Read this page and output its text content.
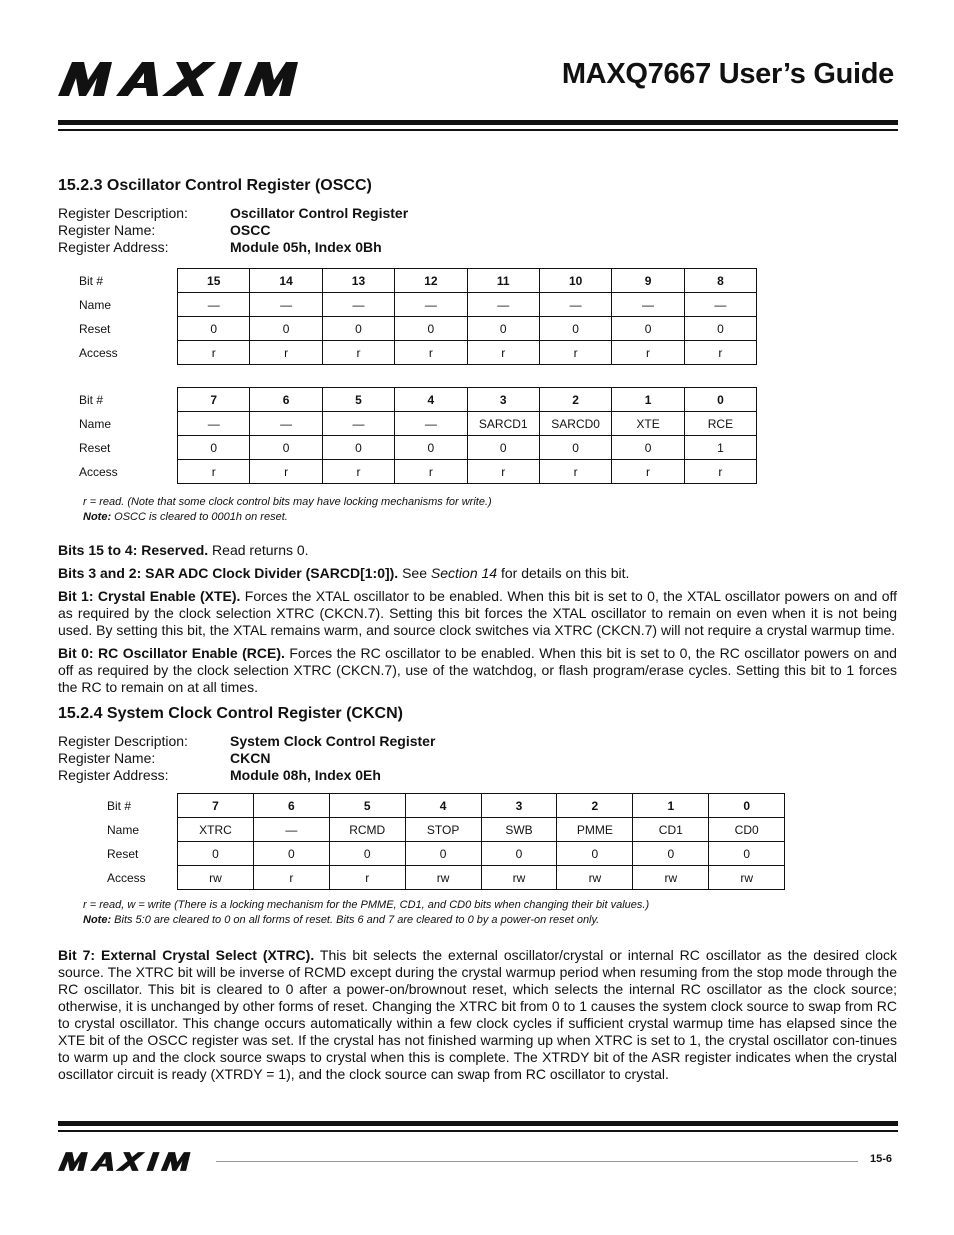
MAXQ7667 User’s Guide
15.2.3 Oscillator Control Register (OSCC)
Register Description:	Oscillator Control Register
Register Name:	OSCC
Register Address:	Module 05h, Index 0Bh
Bit #	15	14	13	12	11	10	9	8
Name	—	—	—	—	—	—	—	—
Reset	0	0	0	0	0	0	0	0
Access	r	r	r	r	r	r	r	r
Bit #	7	6	5	4	3	2	1	0
Name	—	—	—	—	SARCD1	SARCD0	XTE	RCE
Reset	0	0	0	0	0	0	0	1
Access	r	r	r	r	r	r	r	r
r = read. (Note that some clock control bits may have locking mechanisms for write.)
Note: OSCC is cleared to 0001h on reset.
Bits 15 to 4: Reserved. Read returns 0.
Bits 3 and 2: SAR ADC Clock Divider (SARCD[1:0]). See Section 14 for details on this bit.
Bit 1: Crystal Enable (XTE). Forces the XTAL oscillator to be enabled. When this bit is set to 0, the XTAL oscillator powers on and off as required by the clock selection XTRC (CKCN.7). Setting this bit forces the XTAL oscillator to remain on even when it is not being used. By setting this bit, the XTAL remains warm, and source clock switches via XTRC (CKCN.7) will not require a crystal warmup time.
Bit 0: RC Oscillator Enable (RCE). Forces the RC oscillator to be enabled. When this bit is set to 0, the RC oscillator powers on and off as required by the clock selection XTRC (CKCN.7), use of the watchdog, or flash program/erase cycles. Setting this bit to 1 forces the RC to remain on at all times.
15.2.4 System Clock Control Register (CKCN)
Register Description:	System Clock Control Register
Register Name:	CKCN
Register Address:	Module 08h, Index 0Eh
Bit #	7	6	5	4	3	2	1	0
Name	XTRC	—	RCMD	STOP	SWB	PMME	CD1	CD0
Reset	0	0	0	0	0	0	0	0
Access	rw	r	r	rw	rw	rw	rw	rw
r = read, w = write (There is a locking mechanism for the PMME, CD1, and CD0 bits when changing their bit values.)
Note: Bits 5:0 are cleared to 0 on all forms of reset. Bits 6 and 7 are cleared to 0 by a power-on reset only.
Bit 7: External Crystal Select (XTRC). This bit selects the external oscillator/crystal or internal RC oscillator as the desired clock source. The XTRC bit will be inverse of RCMD except during the crystal warmup period when resuming from the stop mode through the RC oscillator. This bit is cleared to 0 after a power-on/brownout reset, which selects the internal RC oscillator as the clock source; otherwise, it is unchanged by other forms of reset. Changing the XTRC bit from 0 to 1 causes the system clock source to swap from RC to crystal oscillator. This change occurs automatically within a few clock cycles if sufficient crystal warmup time has elapsed since the XTE bit of the OSCC register was set. If the crystal has not finished warming up when XTRC is set to 1, the crystal oscillator con-tinues to warm up and the clock source swaps to crystal when this is complete. The XTRDY bit of the ASR register indicates when the crystal oscillator circuit is ready (XTRDY = 1), and the clock source can swap from RC oscillator to crystal.
15-6
